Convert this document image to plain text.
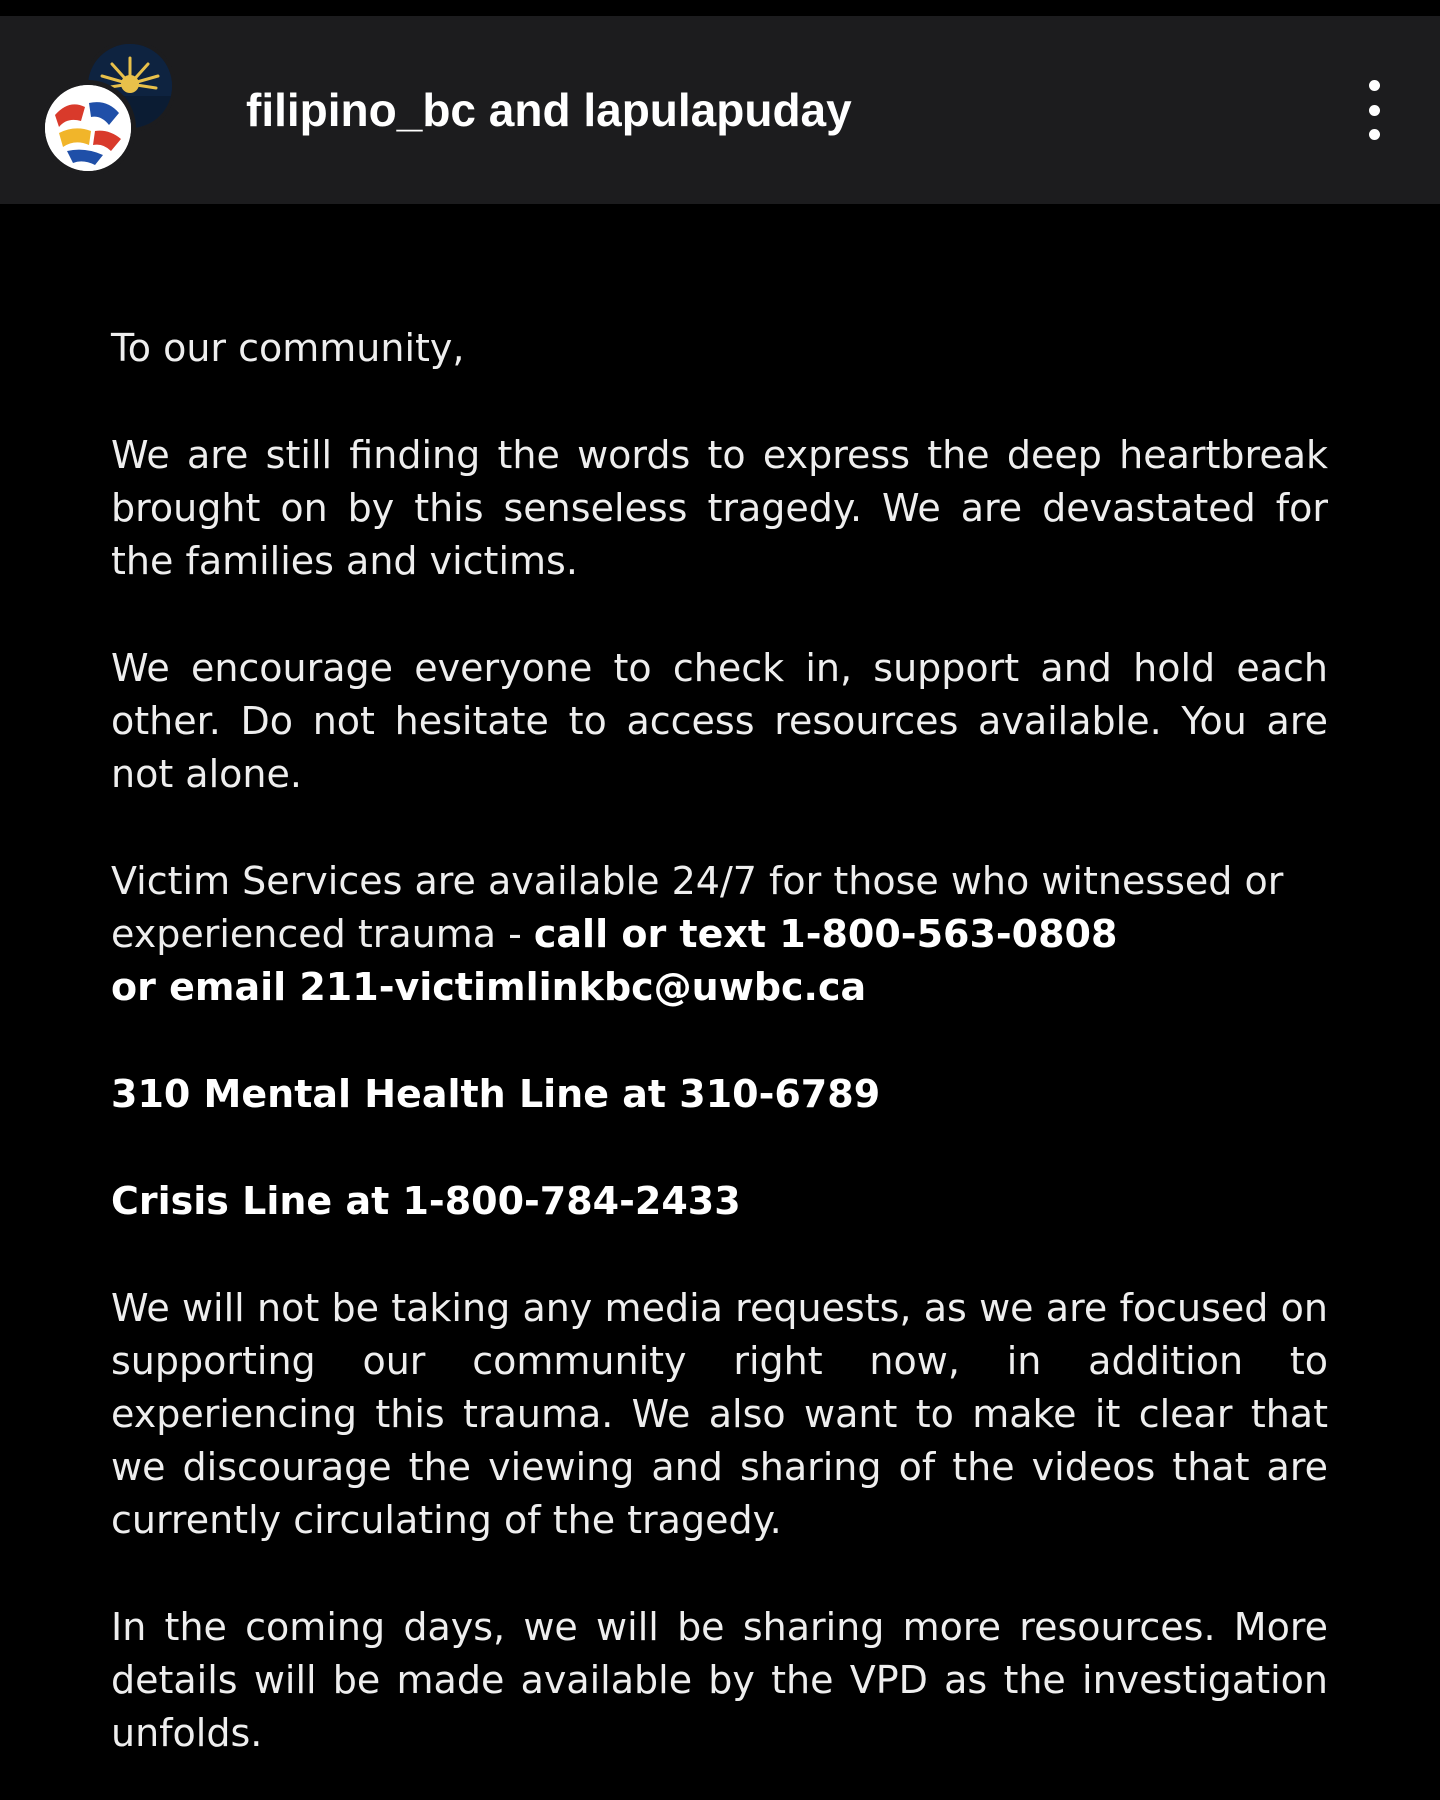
filipino_bc and lapulapuday

To our community,

We are still finding the words to express the deep heartbreak brought on by this senseless tragedy. We are devastated for the families and victims.

We encourage everyone to check in, support and hold each other. Do not hesitate to access resources available. You are not alone.

Victim Services are available 24/7 for those who witnessed or experienced trauma - call or text 1-800-563-0808
or email 211-victimlinkbc@uwbc.ca

310 Mental Health Line at 310-6789

Crisis Line at 1-800-784-2433

We will not be taking any media requests, as we are focused on supporting our community right now, in addition to experiencing this trauma. We also want to make it clear that we discourage the viewing and sharing of the videos that are currently circulating of the tragedy.

In the coming days, we will be sharing more resources. More details will be made available by the VPD as the investigation unfolds.
